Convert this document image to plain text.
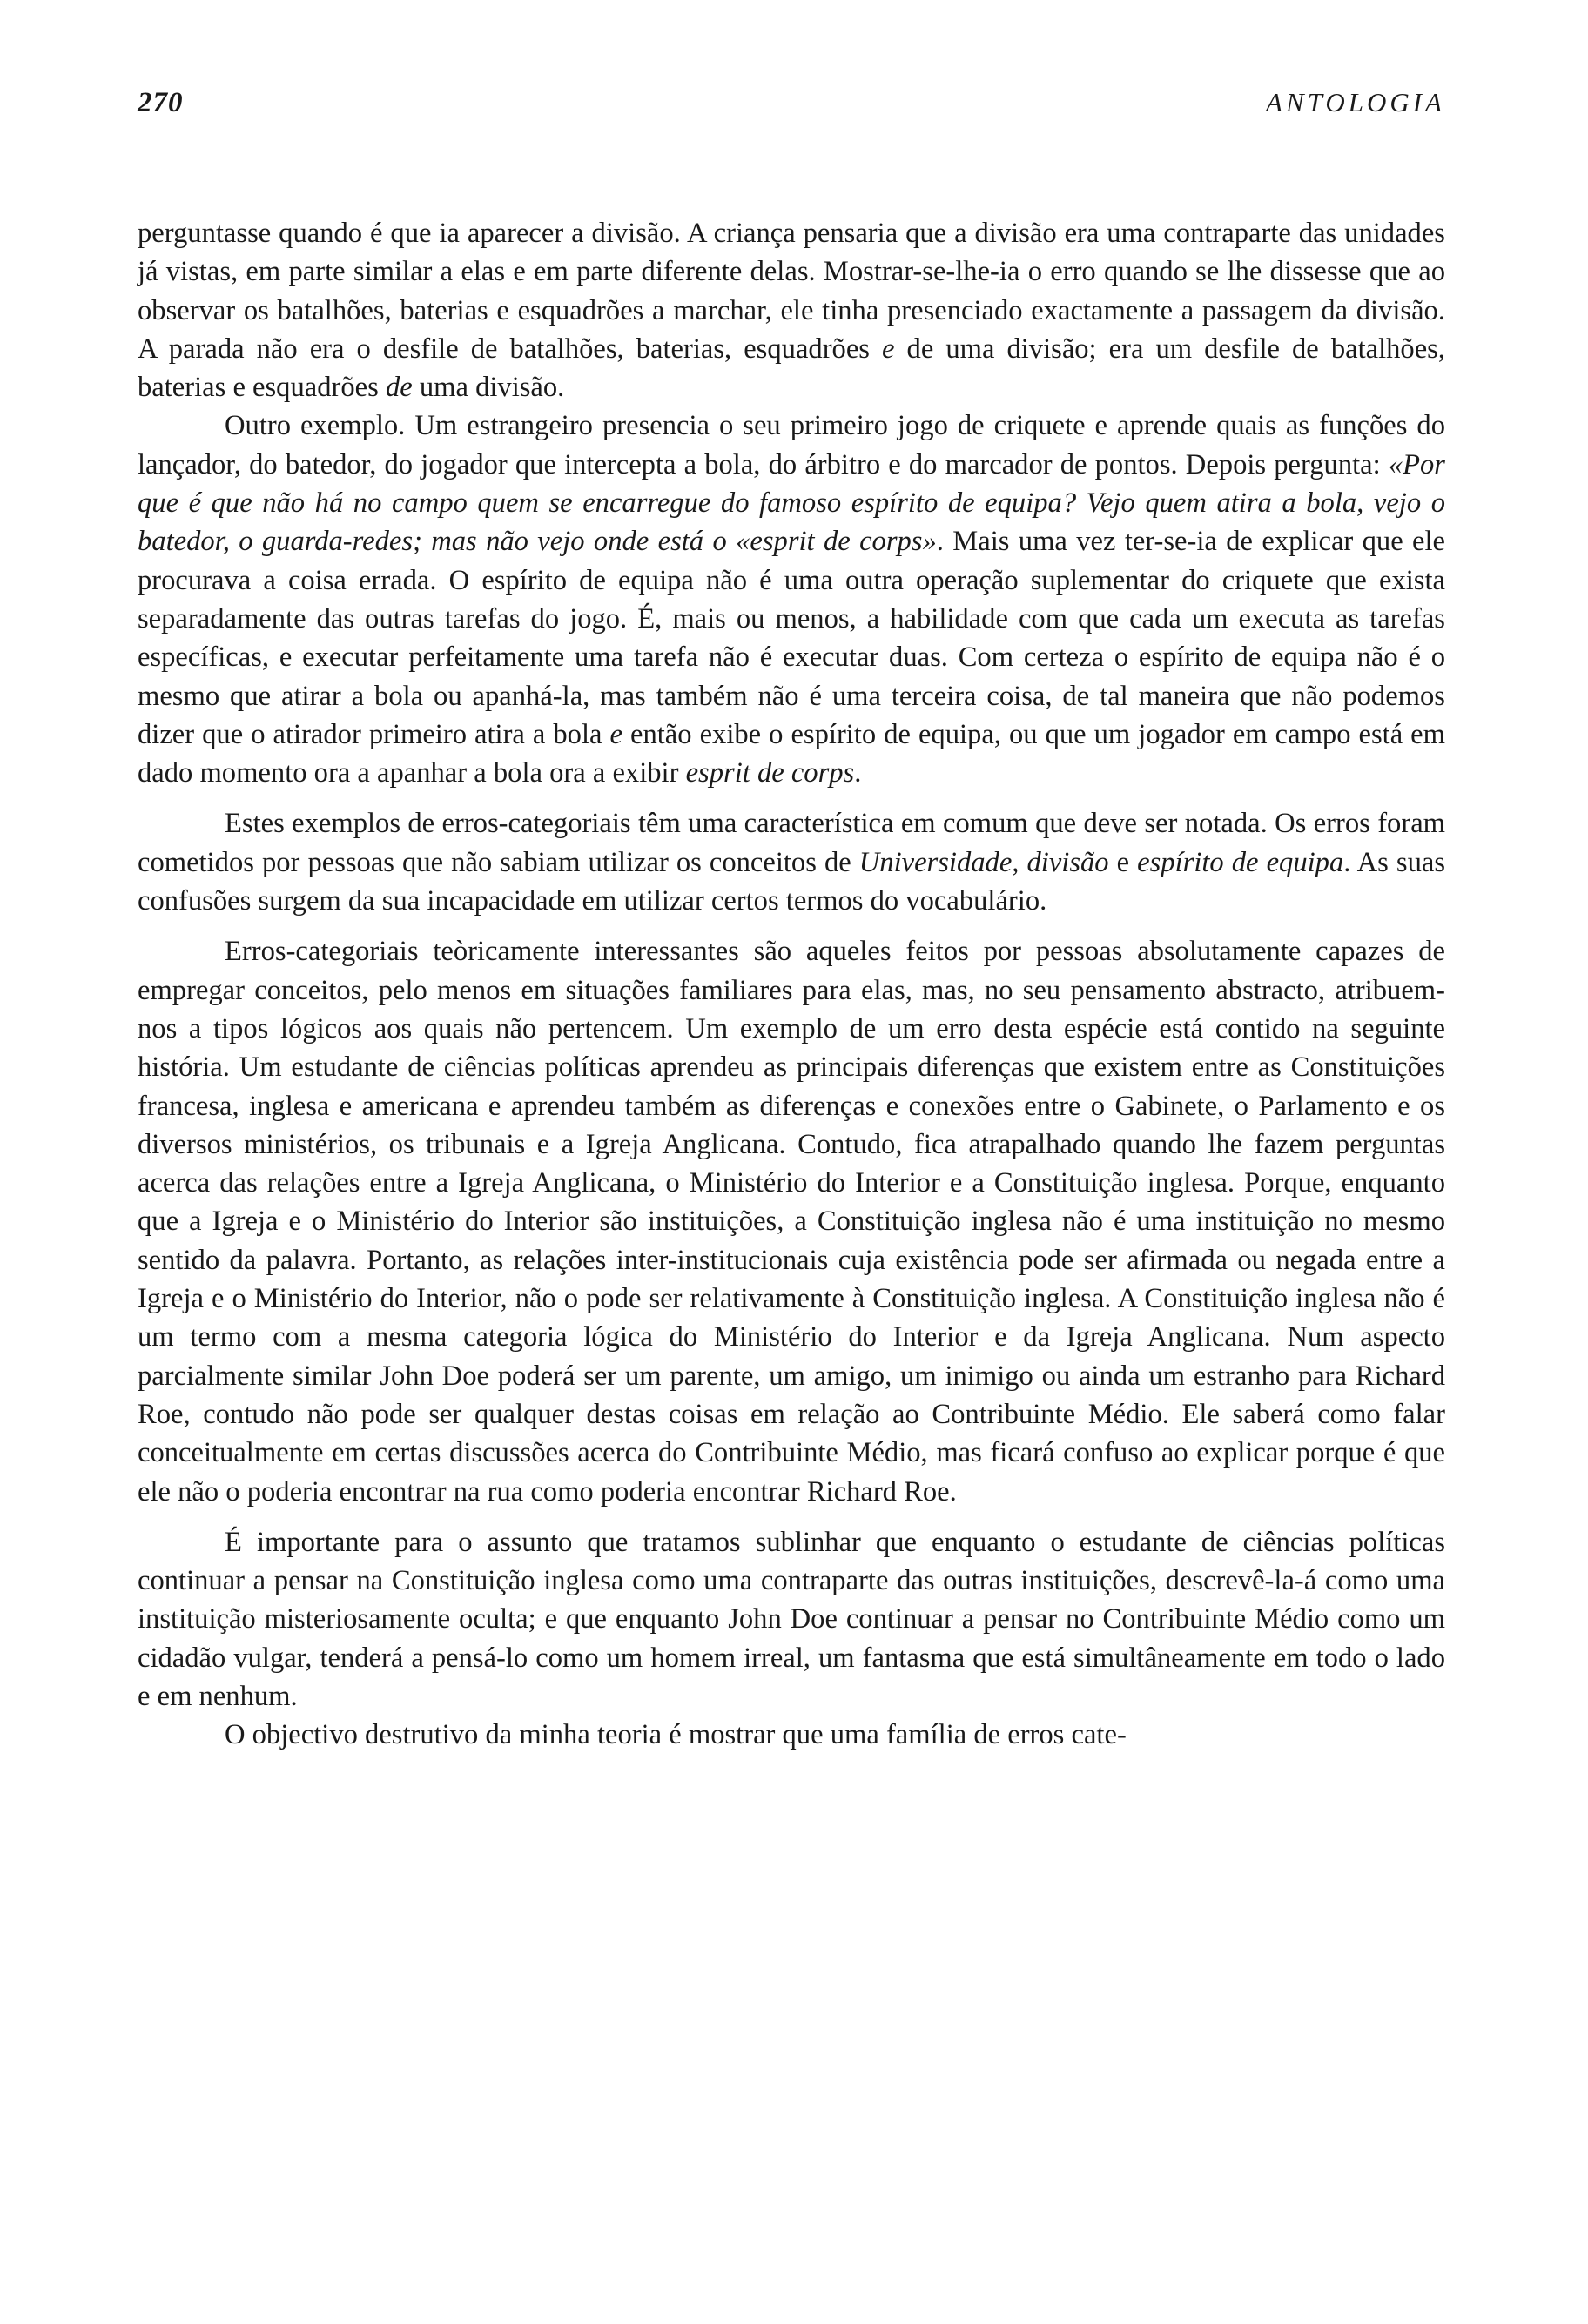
270	ANTOLOGIA

perguntasse quando é que ia aparecer a divisão. A criança pensaria que a divisão era uma contraparte das unidades já vistas, em parte similar a elas e em parte diferente delas. Mostrar-se-lhe-ia o erro quando se lhe dissesse que ao observar os batalhões, baterias e esquadrões a marchar, ele tinha presenciado exactamente a passagem da divisão. A parada não era o desfile de batalhões, baterias, esquadrões e de uma divisão; era um desfile de batalhões, baterias e esquadrões de uma divisão.

Outro exemplo. Um estrangeiro presencia o seu primeiro jogo de criquete e aprende quais as funções do lançador, do batedor, do jogador que intercepta a bola, do árbitro e do marcador de pontos. Depois pergunta: «Por que é que não há no campo quem se encarregue do famoso espírito de equipa? Vejo quem atira a bola, vejo o batedor, o guarda-redes; mas não vejo onde está o «esprit de corps». Mais uma vez ter-se-ia de explicar que ele procurava a coisa errada. O espírito de equipa não é uma outra operação suplementar do criquete que exista separadamente das outras tarefas do jogo. É, mais ou menos, a habilidade com que cada um executa as tarefas específicas, e executar perfeitamente uma tarefa não é executar duas. Com certeza o espírito de equipa não é o mesmo que atirar a bola ou apanhá-la, mas também não é uma terceira coisa, de tal maneira que não podemos dizer que o atirador primeiro atira a bola e então exibe o espírito de equipa, ou que um jogador em campo está em dado momento ora a apanhar a bola ora a exibir esprit de corps.

Estes exemplos de erros-categoriais têm uma característica em comum que deve ser notada. Os erros foram cometidos por pessoas que não sabiam utilizar os conceitos de Universidade, divisão e espírito de equipa. As suas confusões surgem da sua incapacidade em utilizar certos termos do vocabulário.

Erros-categoriais teòricamente interessantes são aqueles feitos por pessoas absolutamente capazes de empregar conceitos, pelo menos em situações familiares para elas, mas, no seu pensamento abstracto, atribuem-nos a tipos lógicos aos quais não pertencem. Um exemplo de um erro desta espécie está contido na seguinte história. Um estudante de ciências políticas aprendeu as principais diferenças que existem entre as Constituições francesa, inglesa e americana e aprendeu também as diferenças e conexões entre o Gabinete, o Parlamento e os diversos ministérios, os tribunais e a Igreja Anglicana. Contudo, fica atrapalhado quando lhe fazem perguntas acerca das relações entre a Igreja Anglicana, o Ministério do Interior e a Constituição inglesa. Porque, enquanto que a Igreja e o Ministério do Interior são instituições, a Constituição inglesa não é uma instituição no mesmo sentido da palavra. Portanto, as relações inter-institucionais cuja existência pode ser afirmada ou negada entre a Igreja e o Ministério do Interior, não o pode ser relativamente à Constituição inglesa. A Constituição inglesa não é um termo com a mesma categoria lógica do Ministério do Interior e da Igreja Anglicana. Num aspecto parcialmente similar John Doe poderá ser um parente, um amigo, um inimigo ou ainda um estranho para Richard Roe, contudo não pode ser qualquer destas coisas em relação ao Contribuinte Médio. Ele saberá como falar conceitualmente em certas discussões acerca do Contribuinte Médio, mas ficará confuso ao explicar porque é que ele não o poderia encontrar na rua como poderia encontrar Richard Roe.

É importante para o assunto que tratamos sublinhar que enquanto o estudante de ciências políticas continuar a pensar na Constituição inglesa como uma contraparte das outras instituições, descrevê-la-á como uma instituição misteriosamente oculta; e que enquanto John Doe continuar a pensar no Contribuinte Médio como um cidadão vulgar, tenderá a pensá-lo como um homem irreal, um fantasma que está simultâneamente em todo o lado e em nenhum.

O objectivo destrutivo da minha teoria é mostrar que uma família de erros cate-
